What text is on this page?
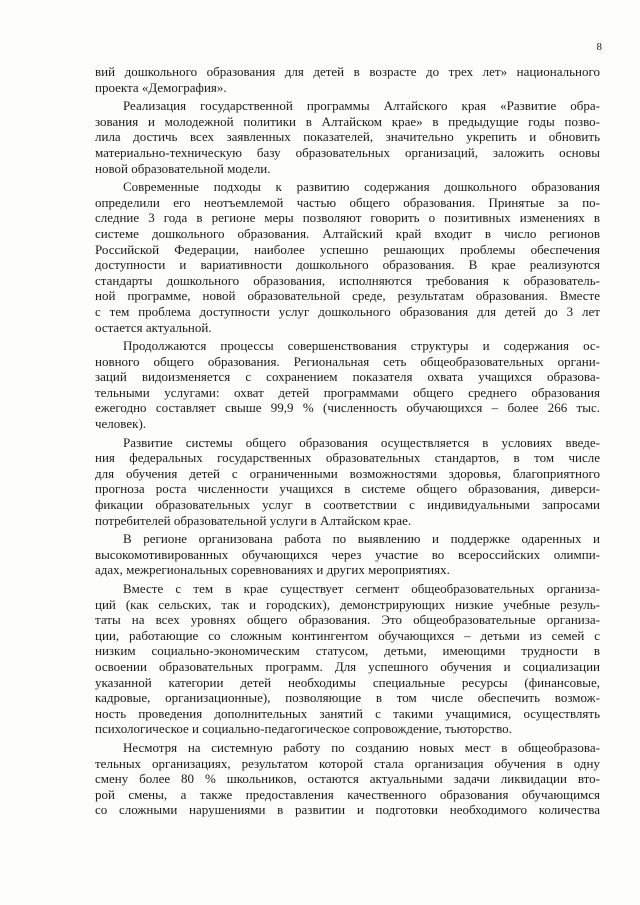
8
вий дошкольного образования для детей в возрасте до трех лет» национального
проекта «Демография».
Реализация государственной программы Алтайского края «Развитие обра-
зования и молодежной политики в Алтайском крае» в предыдущие годы позво-
лила достичь всех заявленных показателей, значительно укрепить и обновить
материально-техническую базу образовательных организаций, заложить основы
новой образовательной модели.
Современные подходы к развитию содержания дошкольного образования
определили его неотъемлемой частью общего образования. Принятые за по-
следние 3 года в регионе меры позволяют говорить о позитивных изменениях в
системе дошкольного образования. Алтайский край входит в число регионов
Российской Федерации, наиболее успешно решающих проблемы обеспечения
доступности и вариативности дошкольного образования. В крае реализуются
стандарты дошкольного образования, исполняются требования к образователь-
ной программе, новой образовательной среде, результатам образования. Вместе
с тем проблема доступности услуг дошкольного образования для детей до 3 лет
остается актуальной.
Продолжаются процессы совершенствования структуры и содержания ос-
новного общего образования. Региональная сеть общеобразовательных органи-
заций видоизменяется с сохранением показателя охвата учащихся образова-
тельными услугами: охват детей программами общего среднего образования
ежегодно составляет свыше 99,9 % (численность обучающихся – более 266 тыс.
человек).
Развитие системы общего образования осуществляется в условиях введе-
ния федеральных государственных образовательных стандартов, в том числе
для обучения детей с ограниченными возможностями здоровья, благоприятного
прогноза роста численности учащихся в системе общего образования, диверси-
фикации образовательных услуг в соответствии с индивидуальными запросами
потребителей образовательной услуги в Алтайском крае.
В регионе организована работа по выявлению и поддержке одаренных и
высокомотивированных обучающихся через участие во всероссийских олимпи-
адах, межрегиональных соревнованиях и других мероприятиях.
Вместе с тем в крае существует сегмент общеобразовательных организа-
ций (как сельских, так и городских), демонстрирующих низкие учебные резуль-
таты на всех уровнях общего образования. Это общеобразовательные организа-
ции, работающие со сложным контингентом обучающихся – детьми из семей с
низким социально-экономическим статусом, детьми, имеющими трудности в
освоении образовательных программ. Для успешного обучения и социализации
указанной категории детей необходимы специальные ресурсы (финансовые,
кадровые, организационные), позволяющие в том числе обеспечить возмож-
ность проведения дополнительных занятий с такими учащимися, осуществлять
психологическое и социально-педагогическое сопровождение, тьюторство.
Несмотря на системную работу по созданию новых мест в общеобразова-
тельных организациях, результатом которой стала организация обучения в одну
смену более 80 % школьников, остаются актуальными задачи ликвидации вто-
рой смены, а также предоставления качественного образования обучающимся
со сложными нарушениями в развитии и подготовки необходимого количества
